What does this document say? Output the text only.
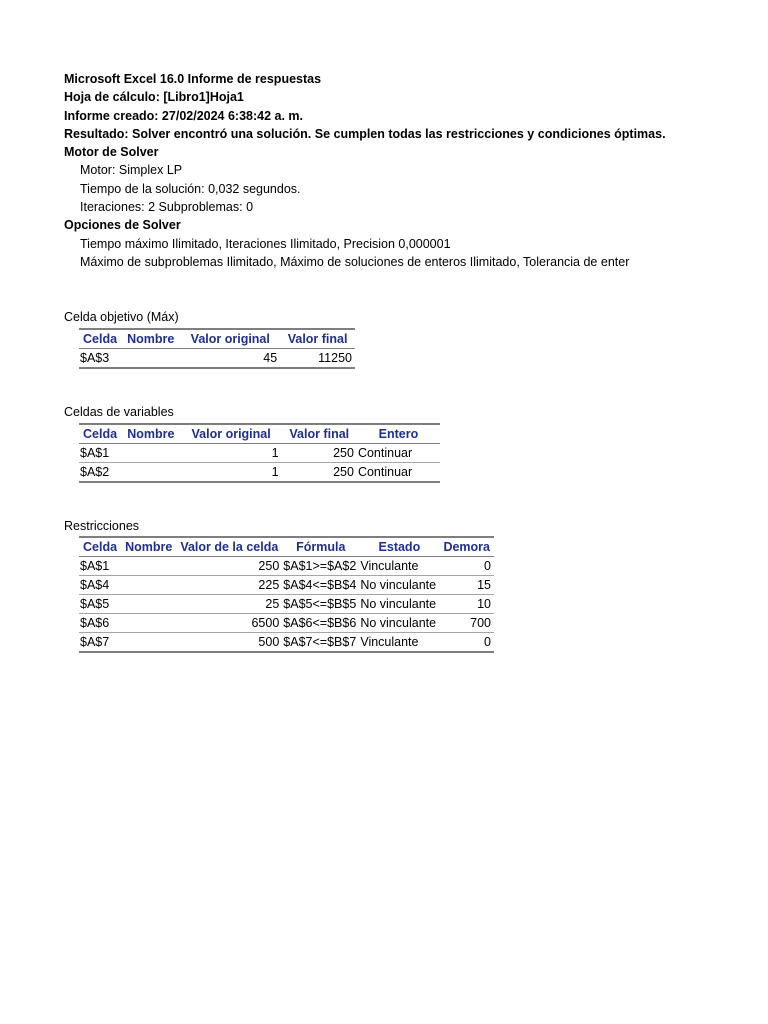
Microsoft Excel 16.0 Informe de respuestas
Hoja de cálculo: [Libro1]Hoja1
Informe creado: 27/02/2024 6:38:42 a. m.
Resultado: Solver encontró una solución. Se cumplen todas las restricciones y condiciones óptimas.
Motor de Solver
Motor: Simplex LP
Tiempo de la solución: 0,032 segundos.
Iteraciones: 2 Subproblemas: 0
Opciones de Solver
Tiempo máximo Ilimitado, Iteraciones Ilimitado, Precision 0,000001
Máximo de subproblemas Ilimitado, Máximo de soluciones de enteros Ilimitado, Tolerancia de enter
Celda objetivo (Máx)
Celda	Nombre	Valor original	Valor final
$A$3		45	11250
Celdas de variables
Celda	Nombre	Valor original	Valor final	Entero
$A$1		1	250	Continuar
$A$2		1	250	Continuar
Restricciones
Celda	Nombre	Valor de la celda	Fórmula	Estado	Demora
$A$1		250	$A$1>=$A$2	Vinculante	0
$A$4		225	$A$4<=$B$4	No vinculante	15
$A$5		25	$A$5<=$B$5	No vinculante	10
$A$6		6500	$A$6<=$B$6	No vinculante	700
$A$7		500	$A$7<=$B$7	Vinculante	0
